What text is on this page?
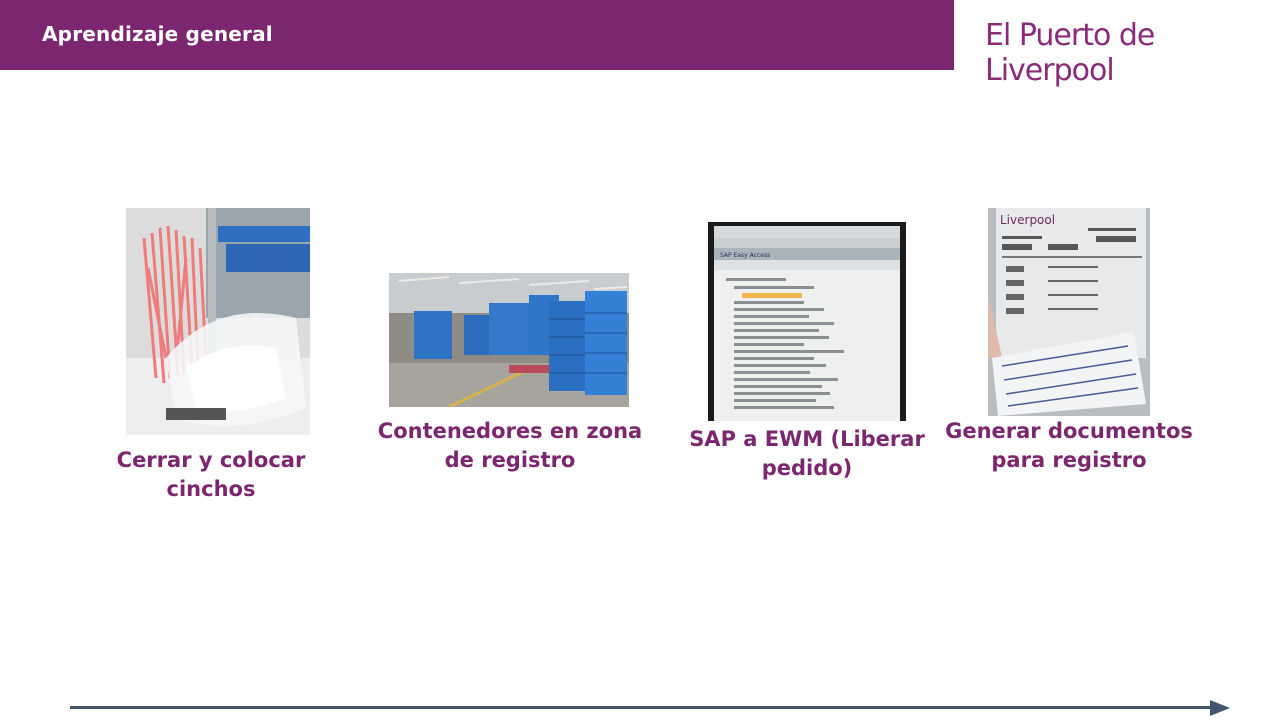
Aprendizaje general	El Puerto de Liverpool
SAP Easy Access
Liverpool
Cerrar y colocar cinchos
Contenedores en zona de registro
SAP a EWM (Liberar pedido)
Generar documentos para registro
